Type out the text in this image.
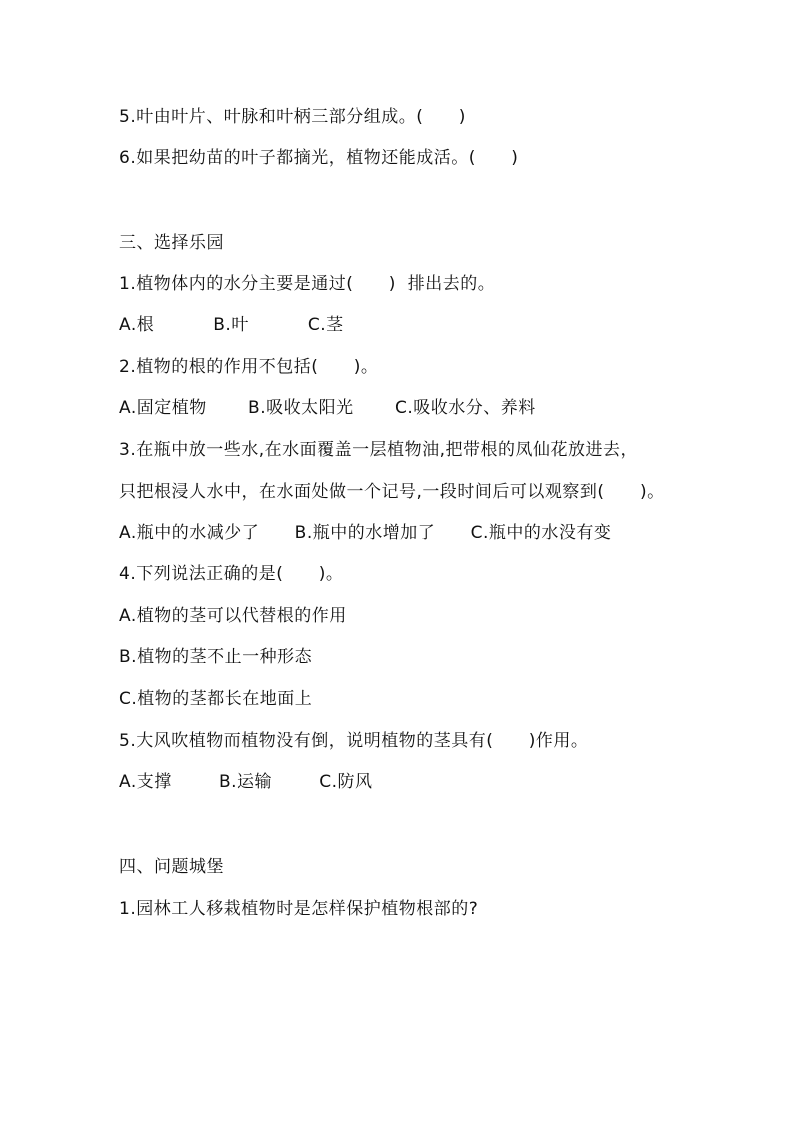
5.叶由叶片、叶脉和叶柄三部分组成。(      )
6.如果把幼苗的叶子都摘光，植物还能成活。(      )
三、选择乐园
1.植物体内的水分主要是通过(      )  排出去的。
A.根          B.叶          C.茎
2.植物的根的作用不包括(      )。
A.固定植物       B.吸收太阳光       C.吸收水分、养料
3.在瓶中放一些水,在水面覆盖一层植物油,把带根的凤仙花放进去，
只把根浸人水中，在水面处做一个记号,一段时间后可以观察到(      )。
A.瓶中的水减少了      B.瓶中的水增加了      C.瓶中的水没有变
4.下列说法正确的是(      )。
A.植物的茎可以代替根的作用
B.植物的茎不止一种形态
C.植物的茎都长在地面上
5.大风吹植物而植物没有倒，说明植物的茎具有(      )作用。
A.支撑        B.运输        C.防风
四、问题城堡
1.园林工人移栽植物时是怎样保护植物根部的?
